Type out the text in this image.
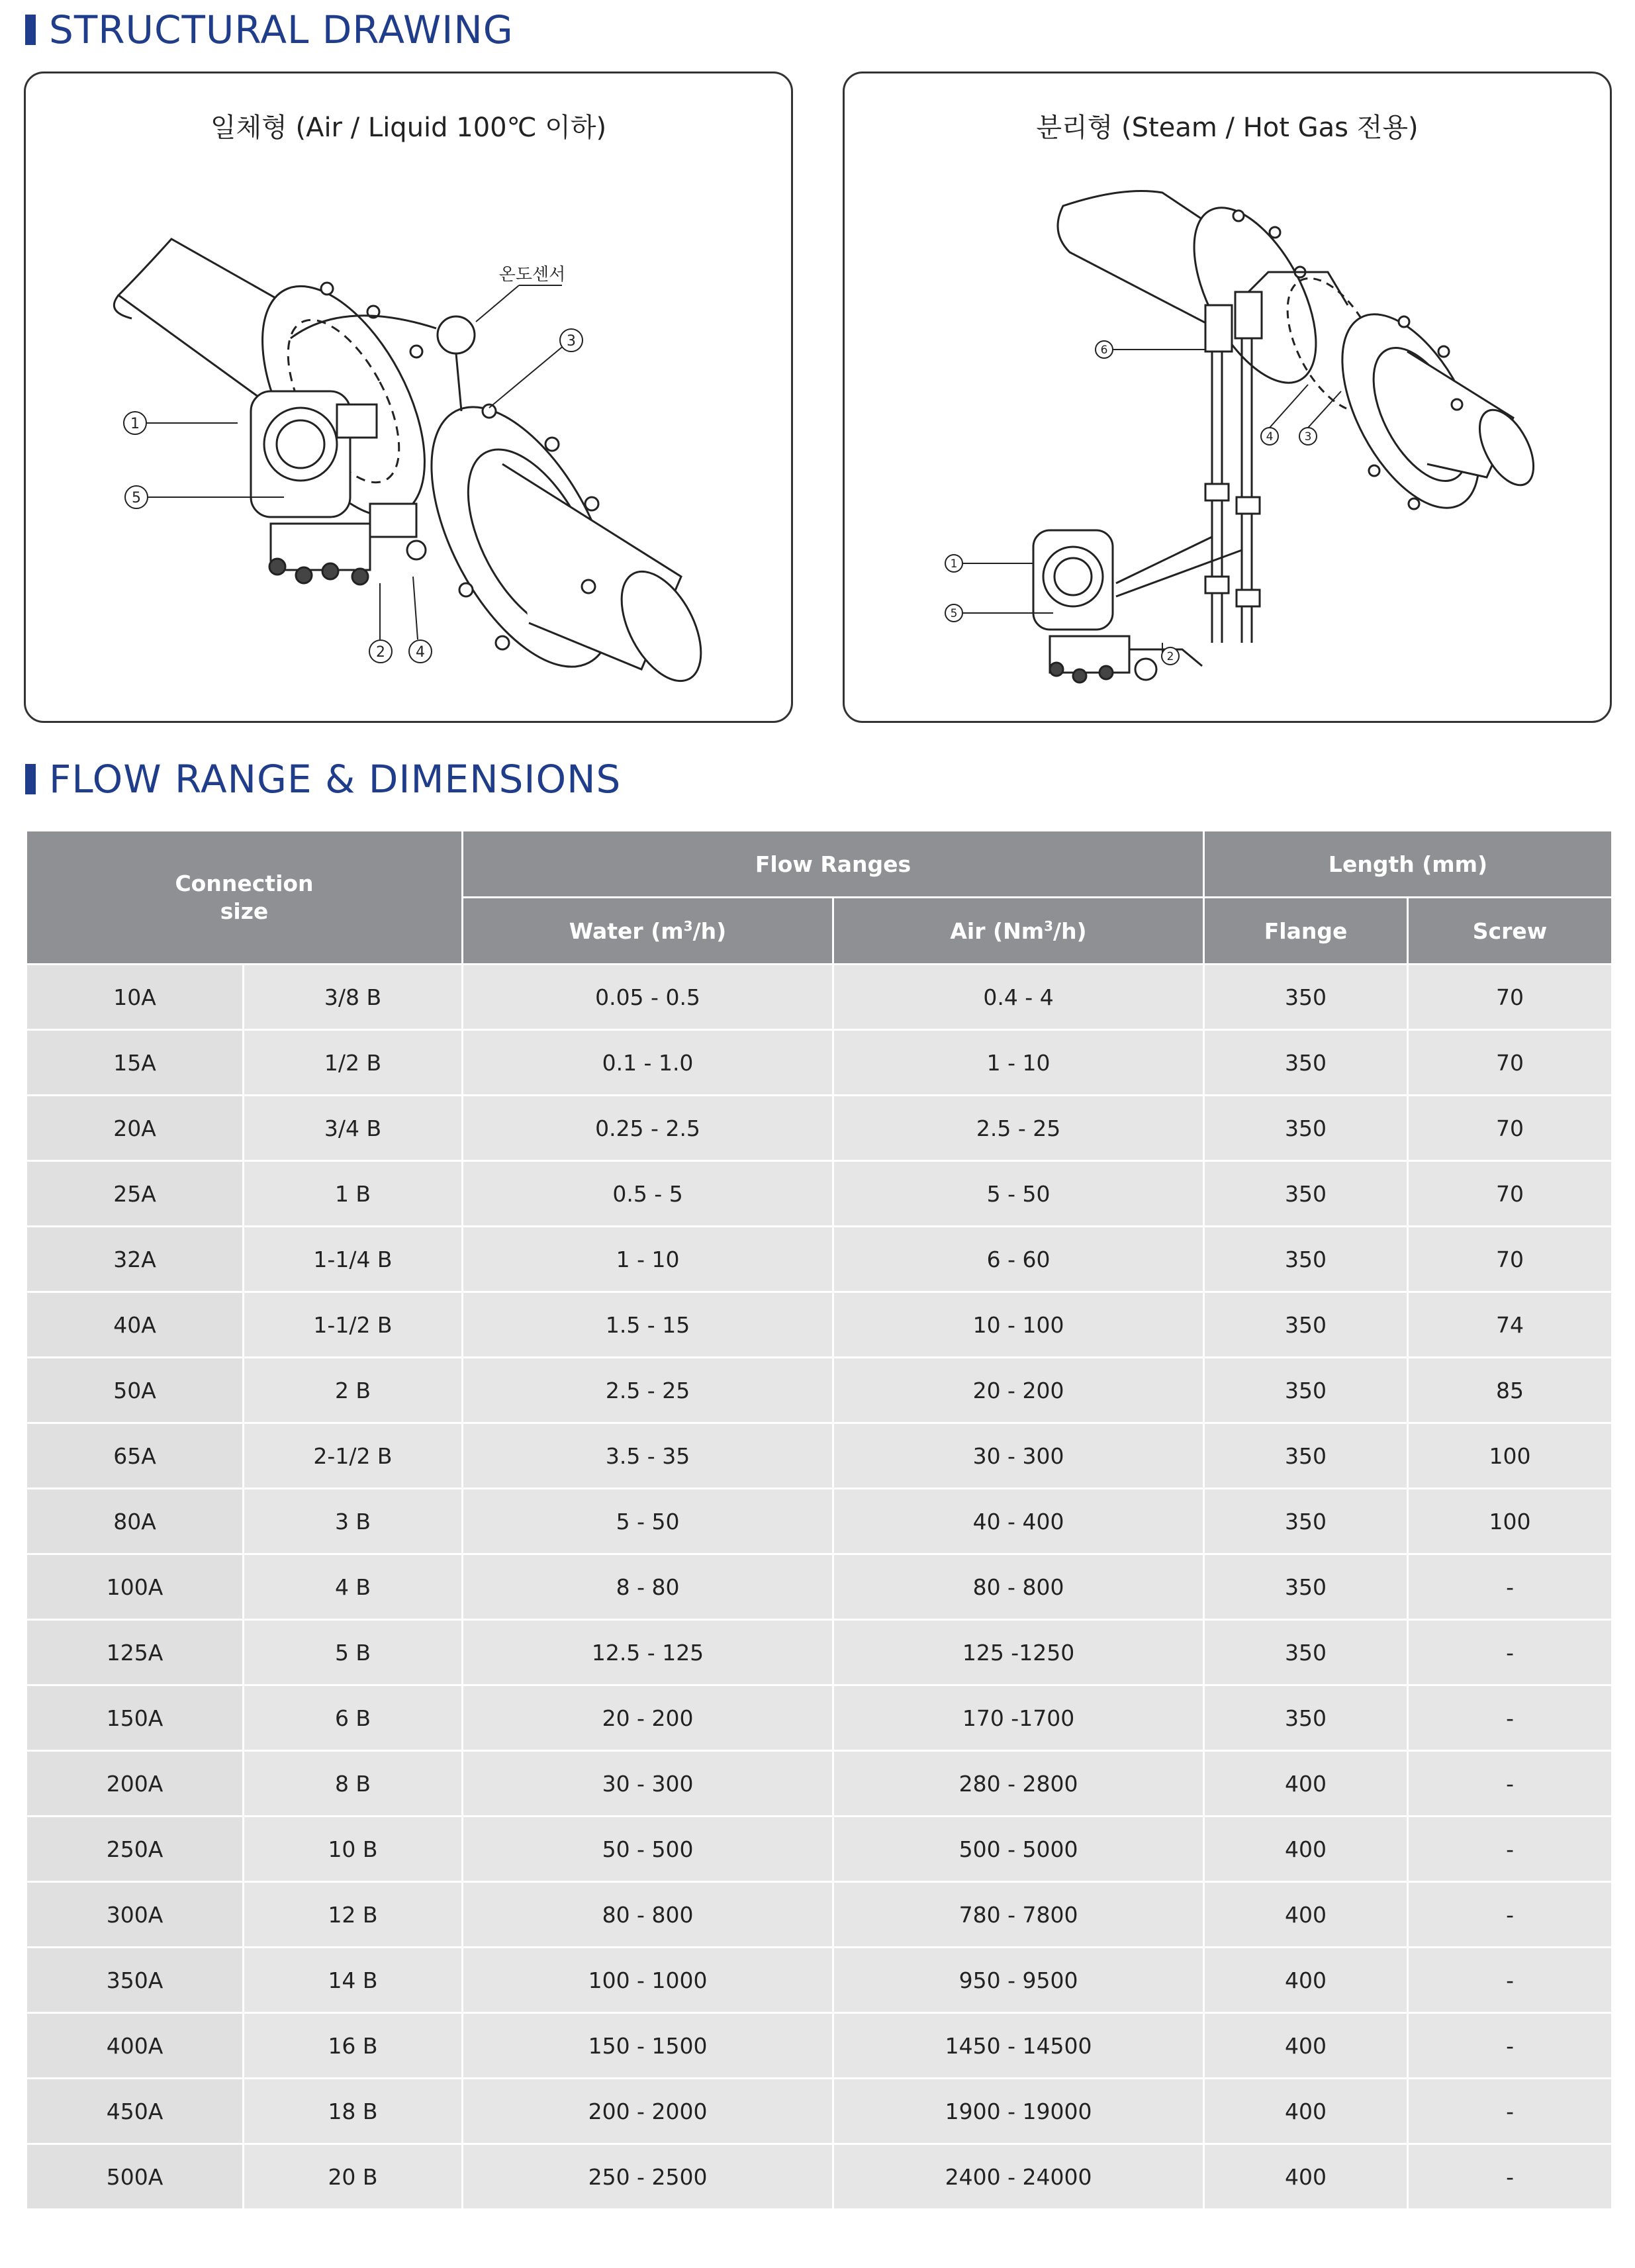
STRUCTURAL DRAWING
일체형 (Air / Liquid 100℃ 이하)
1
2
3
4
5
온도센서
분리형 (Steam / Hot Gas 전용)
1
2
3
4
5
6
FLOW RANGE & DIMENSIONS
Connection
size		Flow Ranges		Length (mm)	
		Water $(m^3/h)$	Air (Nm$^3$/h)	Flange	Screw
10A	3/8 B	0.05 - 0.5	0.4 - 4	350	70
15A	1/2 B	0.1 - 1.0	1 - 10	350	70
20A	3/4 B	0.25 - 2.5	2.5 - 25	350	70
25A	1 B	0.5 - 5	5 - 50	350	70
32A	1-1/4 B	1 - 10	6 - 60	350	70
40A	1-1/2 B	1.5 - 15	10 - 100	350	74
50A	2 B	2.5 - 25	20 - 200	350	85
65A	2-1/2 B	3.5 - 35	30 - 300	350	100
80A	3 B	5 - 50	40 - 400	350	100
100A	4 B	8 - 80	80 - 800	350	-
125A	5 B	12.5 - 125	125 -1250	350	-
150A	6 B	20 - 200	170 -1700	350	-
200A	8 B	30 - 300	280 - 2800	400	-
250A	10 B	50 - 500	500 - 5000	400	-
300A	12 B	80 - 800	780 - 7800	400	-
350A	14 B	100 - 1000	950 - 9500	400	-
400A	16 B	150 - 1500	1450 - 14500	400	-
450A	18 B	200 - 2000	1900 - 19000	400	-
500A	20 B	250 - 2500	2400 - 24000	400	-
